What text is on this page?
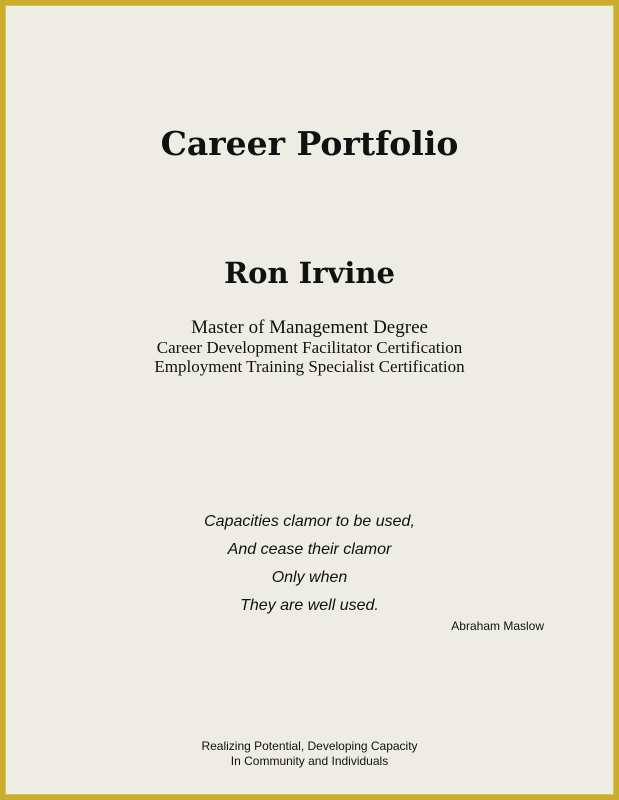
Career Portfolio
Ron Irvine
Master of Management Degree
Career Development Facilitator Certification
Employment Training Specialist Certification
Capacities clamor to be used,
And cease their clamor
Only when
They are well used.
Abraham Maslow
Realizing Potential, Developing Capacity
In Community and Individuals
